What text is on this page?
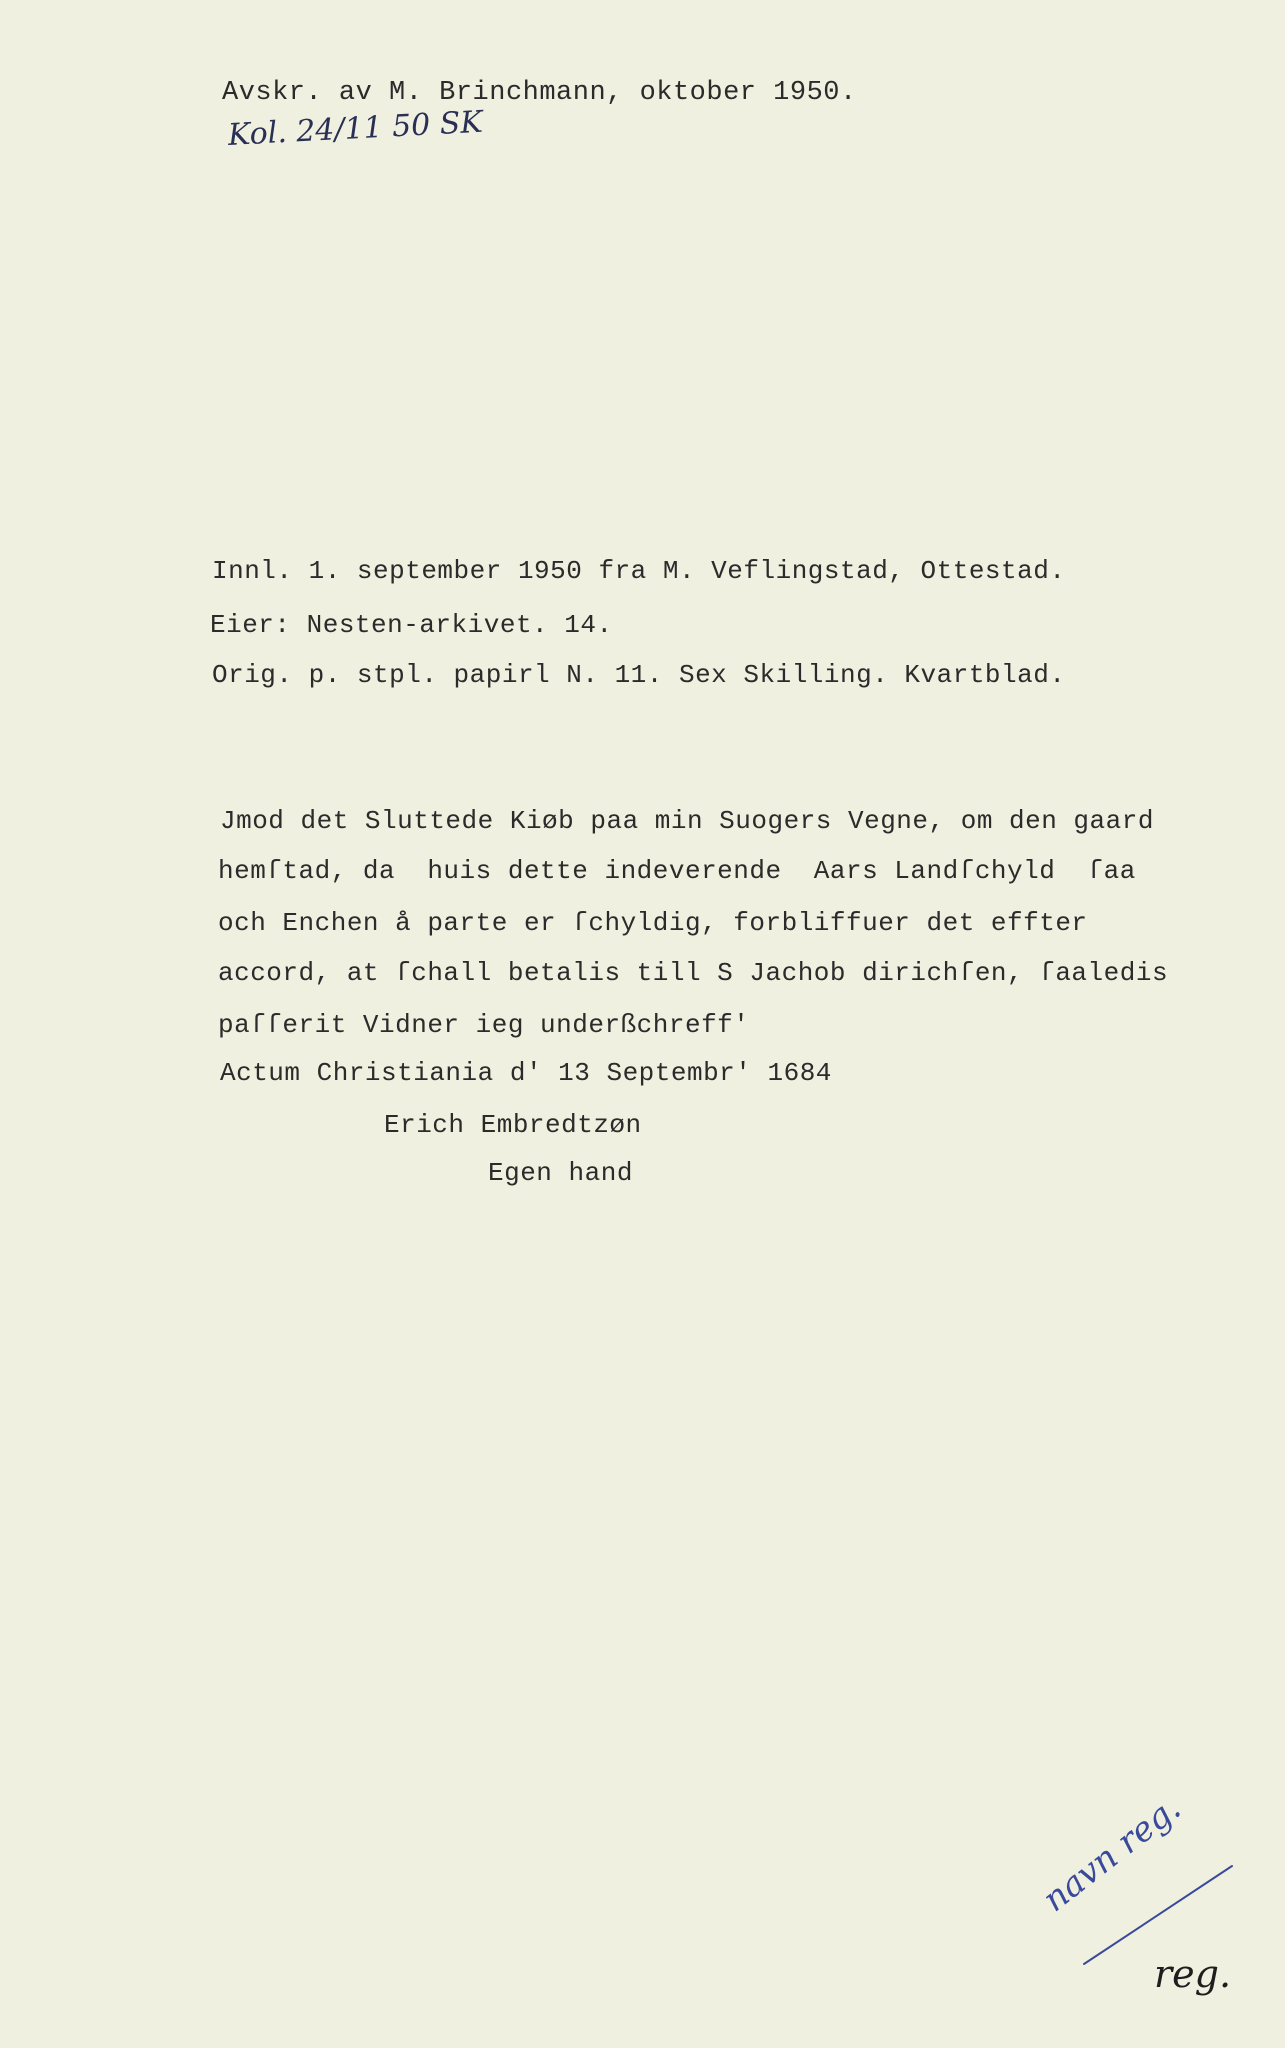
Avskr. av M. Brinchmann, oktober 1950.
Kol. 24/11 50 SK
Innl. 1. september 1950 fra M. Veflingstad, Ottestad.
Eier: Nesten-arkivet. 14.
Orig. p. stpl. papirl N. 11. Sex Skilling. Kvartblad.
Jmod det Sluttede Kiøb paa min Suogers Vegne, om den gaard
hemſtad, da  huis dette indeverende  Aars Landſchyld  ſaa
och Enchen å parte er ſchyldig, forbliffuer det effter
accord, at ſchall betalis till S Jachob dirichſen, ſaaledis
paſſerit Vidner ieg underßchreff'
Actum Christiania d' 13 Septembr' 1684
Erich Embredtzøn
Egen hand
navn reg.
reg.
